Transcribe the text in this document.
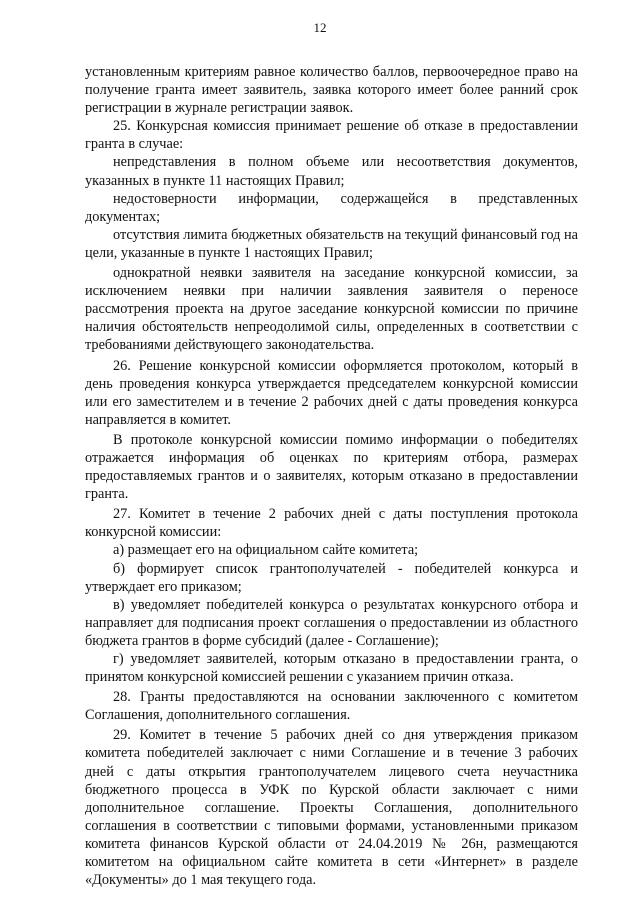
12

установленным критериям равное количество баллов, первоочередное право на получение гранта имеет заявитель, заявка которого имеет более ранний срок регистрации в журнале регистрации заявок.

25. Конкурсная комиссия принимает решение об отказе в предоставлении гранта в случае:

непредставления в полном объеме или несоответствия документов, указанных в пункте 11 настоящих Правил;

недостоверности информации, содержащейся в представленных документах;

отсутствия лимита бюджетных обязательств на текущий финансовый год на цели, указанные в пункте 1 настоящих Правил;

однократной неявки заявителя на заседание конкурсной комиссии, за исключением неявки при наличии заявления заявителя о переносе рассмотрения проекта на другое заседание конкурсной комиссии по причине наличия обстоятельств непреодолимой силы, определенных в соответствии с требованиями действующего законодательства.

26. Решение конкурсной комиссии оформляется протоколом, который в день проведения конкурса утверждается председателем конкурсной комиссии или его заместителем и в течение 2 рабочих дней с даты проведения конкурса направляется в комитет.

В протоколе конкурсной комиссии помимо информации о победителях отражается информация об оценках по критериям отбора, размерах предоставляемых грантов и о заявителях, которым отказано в предоставлении гранта.

27. Комитет в течение 2 рабочих дней с даты поступления протокола конкурсной комиссии:

а) размещает его на официальном сайте комитета;

б) формирует список грантополучателей - победителей конкурса и утверждает его приказом;

в) уведомляет победителей конкурса о результатах конкурсного отбора и направляет для подписания проект соглашения о предоставлении из областного бюджета грантов в форме субсидий (далее - Соглашение);

г) уведомляет заявителей, которым отказано в предоставлении гранта, о принятом конкурсной комиссией решении с указанием причин отказа.

28. Гранты предоставляются на основании заключенного с комитетом Соглашения, дополнительного соглашения.

29. Комитет в течение 5 рабочих дней со дня утверждения приказом комитета победителей заключает с ними Соглашение и в течение 3 рабочих дней с даты открытия грантополучателем лицевого счета неучастника бюджетного процесса в УФК по Курской области заключает с ними дополнительное соглашение. Проекты Соглашения, дополнительного соглашения в соответствии с типовыми формами, установленными приказом комитета финансов Курской области от 24.04.2019 № 26н, размещаются комитетом на официальном сайте комитета в сети «Интернет» в разделе «Документы» до 1 мая текущего года.
